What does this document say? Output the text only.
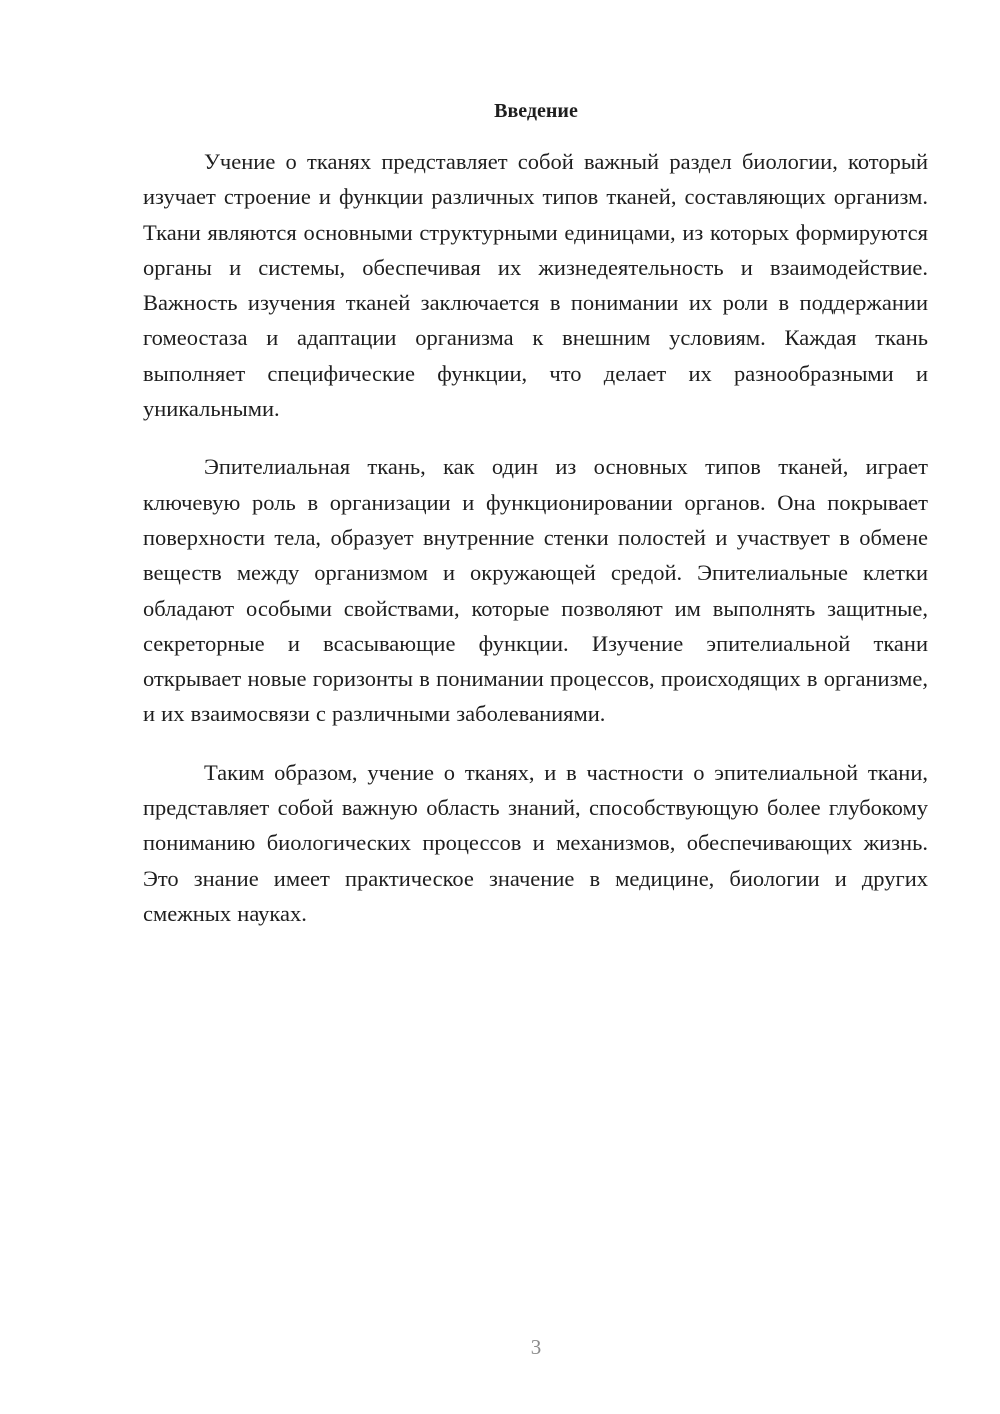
Введение

Учение о тканях представляет собой важный раздел биологии, который изучает строение и функции различных типов тканей, составляющих организм. Ткани являются основными структурными единицами, из которых формируются органы и системы, обеспечивая их жизнедеятельность и взаимодействие. Важность изучения тканей заключается в понимании их роли в поддержании гомеостаза и адаптации организма к внешним условиям. Каждая ткань выполняет специфические функции, что делает их разнообразными и уникальными.

Эпителиальная ткань, как один из основных типов тканей, играет ключевую роль в организации и функционировании органов. Она покрывает поверхности тела, образует внутренние стенки полостей и участвует в обмене веществ между организмом и окружающей средой. Эпителиальные клетки обладают особыми свойствами, которые позволяют им выполнять защитные, секреторные и всасывающие функции. Изучение эпителиальной ткани открывает новые горизонты в понимании процессов, происходящих в организме, и их взаимосвязи с различными заболеваниями.

Таким образом, учение о тканях, и в частности о эпителиальной ткани, представляет собой важную область знаний, способствующую более глубокому пониманию биологических процессов и механизмов, обеспечивающих жизнь. Это знание имеет практическое значение в медицине, биологии и других смежных науках.

3
